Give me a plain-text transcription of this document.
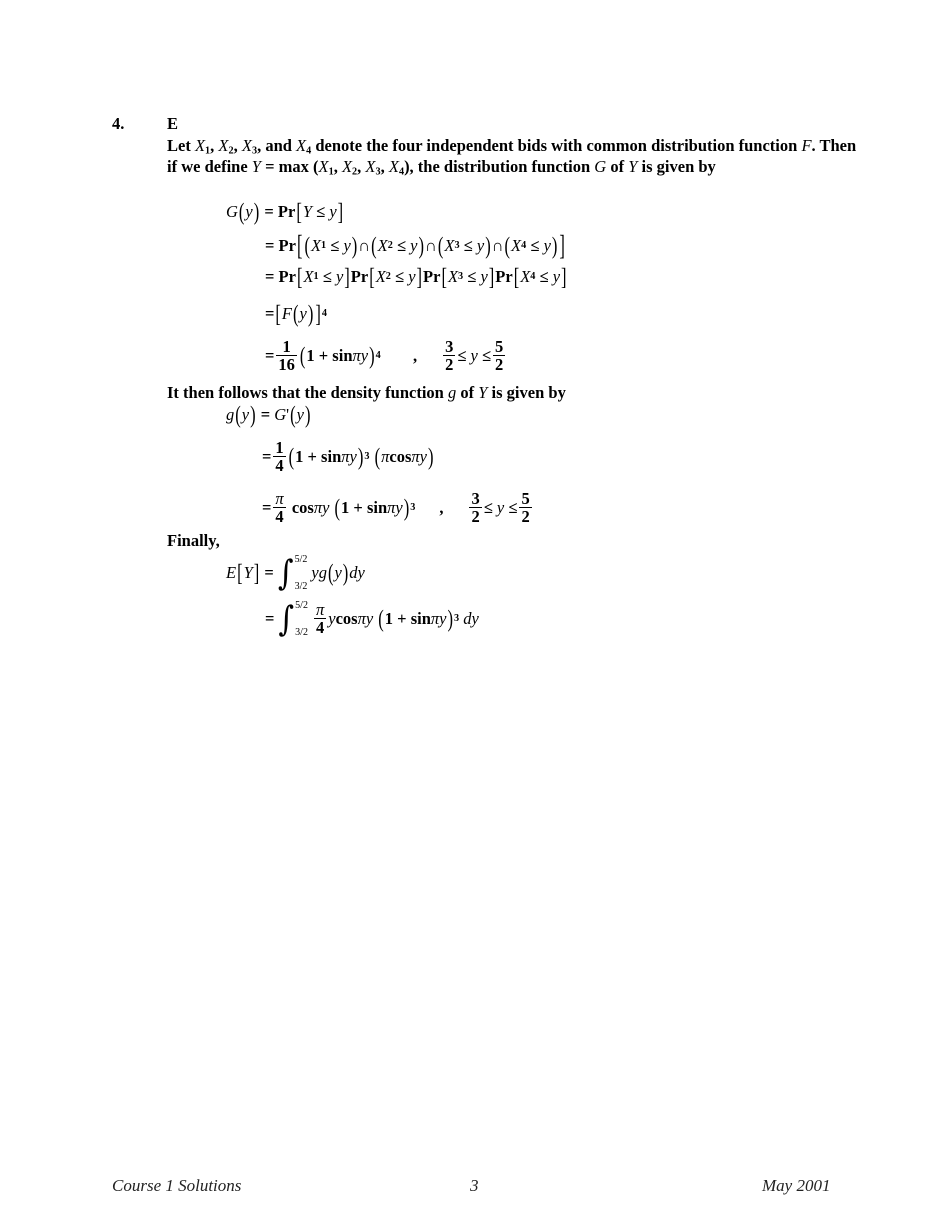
4.	E
Let $X_1$, $X_2$, $X_3$, and $X_4$ denote the four independent bids with common distribution function F. Then if we define $Y = \max (X_1$, $X_2$, $X_3$, $X_4$), the distribution function G of Y is given by
G ( y ) = Pr [ Y ≤ y ]
= Pr [ ( X 1 ≤ y ) ∩ ( X 2 ≤ y ) ∩ ( X 3 ≤ y ) ∩ ( X 4 ≤ y ) ]
= Pr [ X 1 ≤ y ] Pr [ X 2 ≤ y ] Pr [ X 3 ≤ y ] Pr [ X 4 ≤ y ]
= [ F ( y ) ] 4
= $\frac{1}{16}$ ( 1 + sin π y ) 4 , $\frac{3}{2} \le y \le \frac{5}{2}$
It then follows that the density function g of Y is given by
g ( y ) = G ' ( y )
= $\frac{1}{4}$ ( 1 + sin π y ) 3
( π cos π y )
= $\frac{\pi}{4}$ cos π y
( 1 + sin π y ) 3 , $\frac{3}{2} \le y \le \frac{5}{2}$
Finally,
E [ Y ] = ∫ 5/2
3/2
y g ( y ) dy
= ∫ 5/2
$3/2 \frac{\pi}{4}$ y cos π y
( 1 + sin π y ) 3
dy
Course 1 Solutions	3	May 2001
